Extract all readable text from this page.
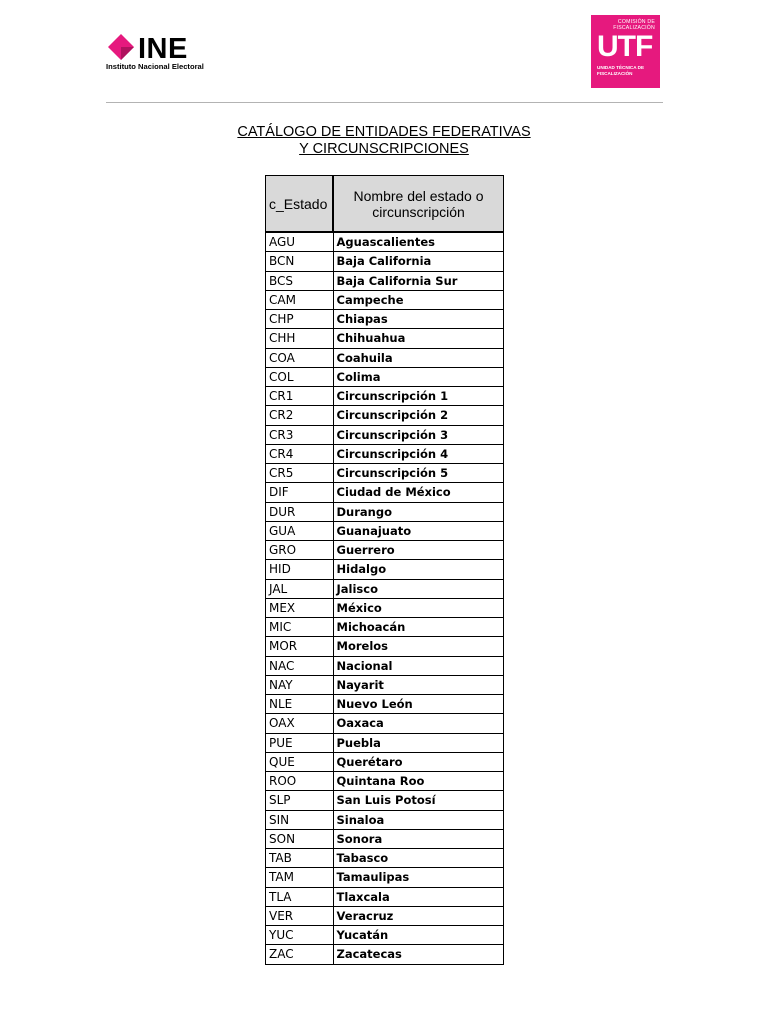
INE
Instituto Nacional Electoral
COMISIÓN DE FISCALIZACIÓN
UTF
UNIDAD TÉCNICA DE FISCALIZACIÓN
CATÁLOGO DE ENTIDADES FEDERATIVAS
Y CIRCUNSCRIPCIONES
c_Estado	Nombre del estado o circunscripción
AGU	Aguascalientes
BCN	Baja California
BCS	Baja California Sur
CAM	Campeche
CHP	Chiapas
CHH	Chihuahua
COA	Coahuila
COL	Colima
CR1	Circunscripción 1
CR2	Circunscripción 2
CR3	Circunscripción 3
CR4	Circunscripción 4
CR5	Circunscripción 5
DIF	Ciudad de México
DUR	Durango
GUA	Guanajuato
GRO	Guerrero
HID	Hidalgo
JAL	Jalisco
MEX	México
MIC	Michoacán
MOR	Morelos
NAC	Nacional
NAY	Nayarit
NLE	Nuevo León
OAX	Oaxaca
PUE	Puebla
QUE	Querétaro
ROO	Quintana Roo
SLP	San Luis Potosí
SIN	Sinaloa
SON	Sonora
TAB	Tabasco
TAM	Tamaulipas
TLA	Tlaxcala
VER	Veracruz
YUC	Yucatán
ZAC	Zacatecas
